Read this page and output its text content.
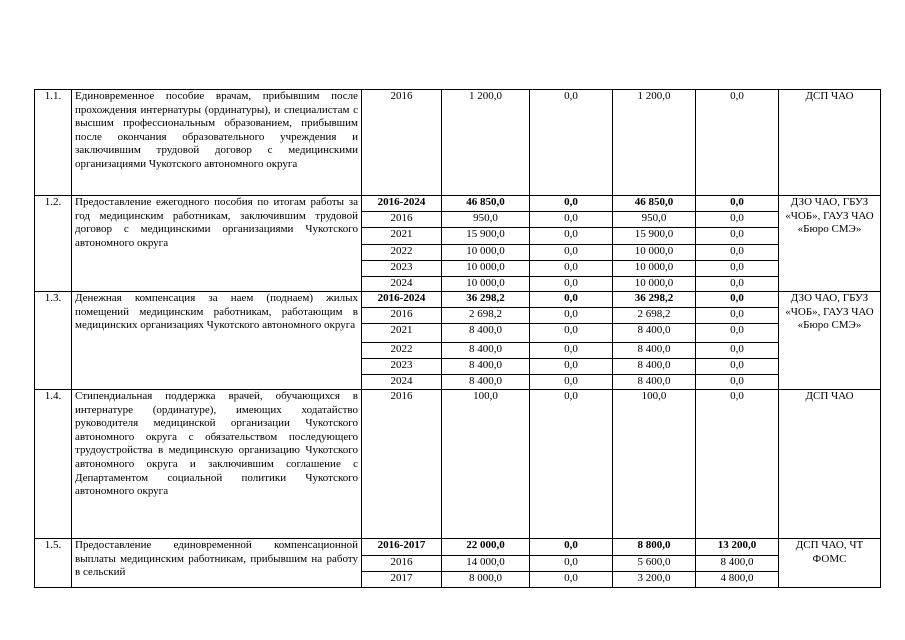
1.1.	Единовременное пособие врачам, прибывшим после прохождения интернатуры (ординатуры), и специалистам с высшим профессиональным образованием, прибывшим после окончания образовательного учреждения и заключившим трудовой договор с медицинскими организациями Чукотского автономного округа	2016	1 200,0	0,0	1 200,0	0,0	ДСП ЧАО
1.2.	Предоставление ежегодного пособия по итогам работы за год медицинским работникам, заключившим трудовой договор с медицинскими организациями Чукотского автономного округа	2016-2024	46 850,0	0,0	46 850,0	0,0	ДЗО ЧАО, ГБУЗ «ЧОБ», ГАУЗ ЧАО «Бюро СМЭ»
		2016	950,0	0,0	950,0	0,0	
		2021	15 900,0	0,0	15 900,0	0,0	
		2022	10 000,0	0,0	10 000,0	0,0	
		2023	10 000,0	0,0	10 000,0	0,0	
		2024	10 000,0	0,0	10 000,0	0,0	
1.3.	Денежная компенсация за наем (поднаем) жилых помещений медицинским работникам, работающим в медицинских организациях Чукотского автономного округа	2016-2024	36 298,2	0,0	36 298,2	0,0	ДЗО ЧАО, ГБУЗ «ЧОБ», ГАУЗ ЧАО «Бюро СМЭ»
		2016	2 698,2	0,0	2 698,2	0,0	
		2021	8 400,0	0,0	8 400,0	0,0	
		2022	8 400,0	0,0	8 400,0	0,0	
		2023	8 400,0	0,0	8 400,0	0,0	
		2024	8 400,0	0,0	8 400,0	0,0	
1.4.	Стипендиальная поддержка врачей, обучающихся в интернатуре (ординатуре), имеющих ходатайство руководителя медицинской организации Чукотского автономного округа с обязательством последующего трудоустройства в медицинскую организацию Чукотского автономного округа и заключившим соглашение с Департаментом социальной политики Чукотского автономного округа	2016	100,0	0,0	100,0	0,0	ДСП ЧАО
1.5.	Предоставление единовременной компенсационной выплаты медицинским работникам, прибывшим на работу в сельский	2016-2017	22 000,0	0,0	8 800,0	13 200,0	ДСП ЧАО, ЧТ ФОМС
		2016	14 000,0	0,0	5 600,0	8 400,0	
		2017	8 000,0	0,0	3 200,0	4 800,0	
